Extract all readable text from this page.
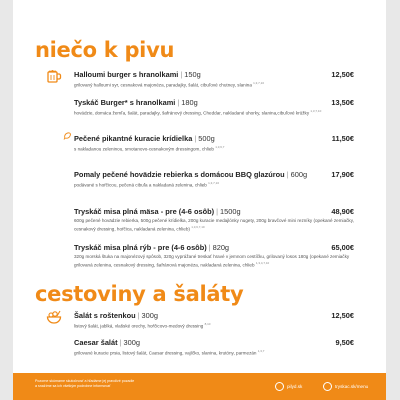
niečo k pivu
Halloumi burger s hranolkami | 150g	12,50€
grilovaný halloumi syr, cesnaková majonéza, paradajky, šalát, cibuľové chutney, slanina $^{1,3,7,10}$
Tyskáč Burger* s hranolkami | 180g	13,50€
hovädzie, domáca žemľa, šalát, paradajky, šafránový dressing, Cheddar, nakladané uhorky, slanina,cibuľové krúžky $^{1,3,7,10}$
Pečené pikantné kuracie krídielka | 500g	11,50€
s nakladanou zeleninou, smotanovo-cesnakovým dressingom, chlieb $^{1,3,6,7}$
Pomaly pečené hovädzie rebierka s domácou BBQ glazúrou | 600g	17,90€
podávané s hoŕčicou, pečená cibuľa a nakladaná zelenina, chlieb $^{1,3,7,10}$
Tryskáč misa plná mäsa - pre (4-6 osôb) | 1500g	48,90€
600g pečené hovädzie rebierka, 500g pečené krídielka, 200g kuracie medajlónky nugety, 200g bravčové mini rezníky (opekané zemiačky, cesnakový dressing, hoŕčica, nakladaná zelenina, chlieb) $^{1,3,6,7,10}$
Tryskáč misa plná rýb - pre (4-6 osôb) | 820g	65,00€
320g morská štuka na majonézový spôsob, 320g vyprážané treskať hravé v jemnom cestíčku, grilovaný losos 180g (opekané zemiačky grilovaná zelenina, cesnakový dressing, šafránová majonéza, nakladaná zelenina, chlieb $^{1,3,4,7,10}$
cestoviny a šaláty
Šalát s roštenkou | 300g	12,50€
listový šalát, jablká, vlašské orechy, hoŕčicovo-medový dressing $^{8,10}$
Caesar šalát | 300g	9,50€
grilované kuracie prsia, listový šalát, Caesar dressing, vajíčko, slanina, krutóny, parmezán $^{1,3,7}$
Pozorne skúmame skutočnosť a hľadáme jej pravdivé pozadie
a snažíme sa ich všetkým podrobne informovať	pilyd.sk	tryskac.sk/menu
